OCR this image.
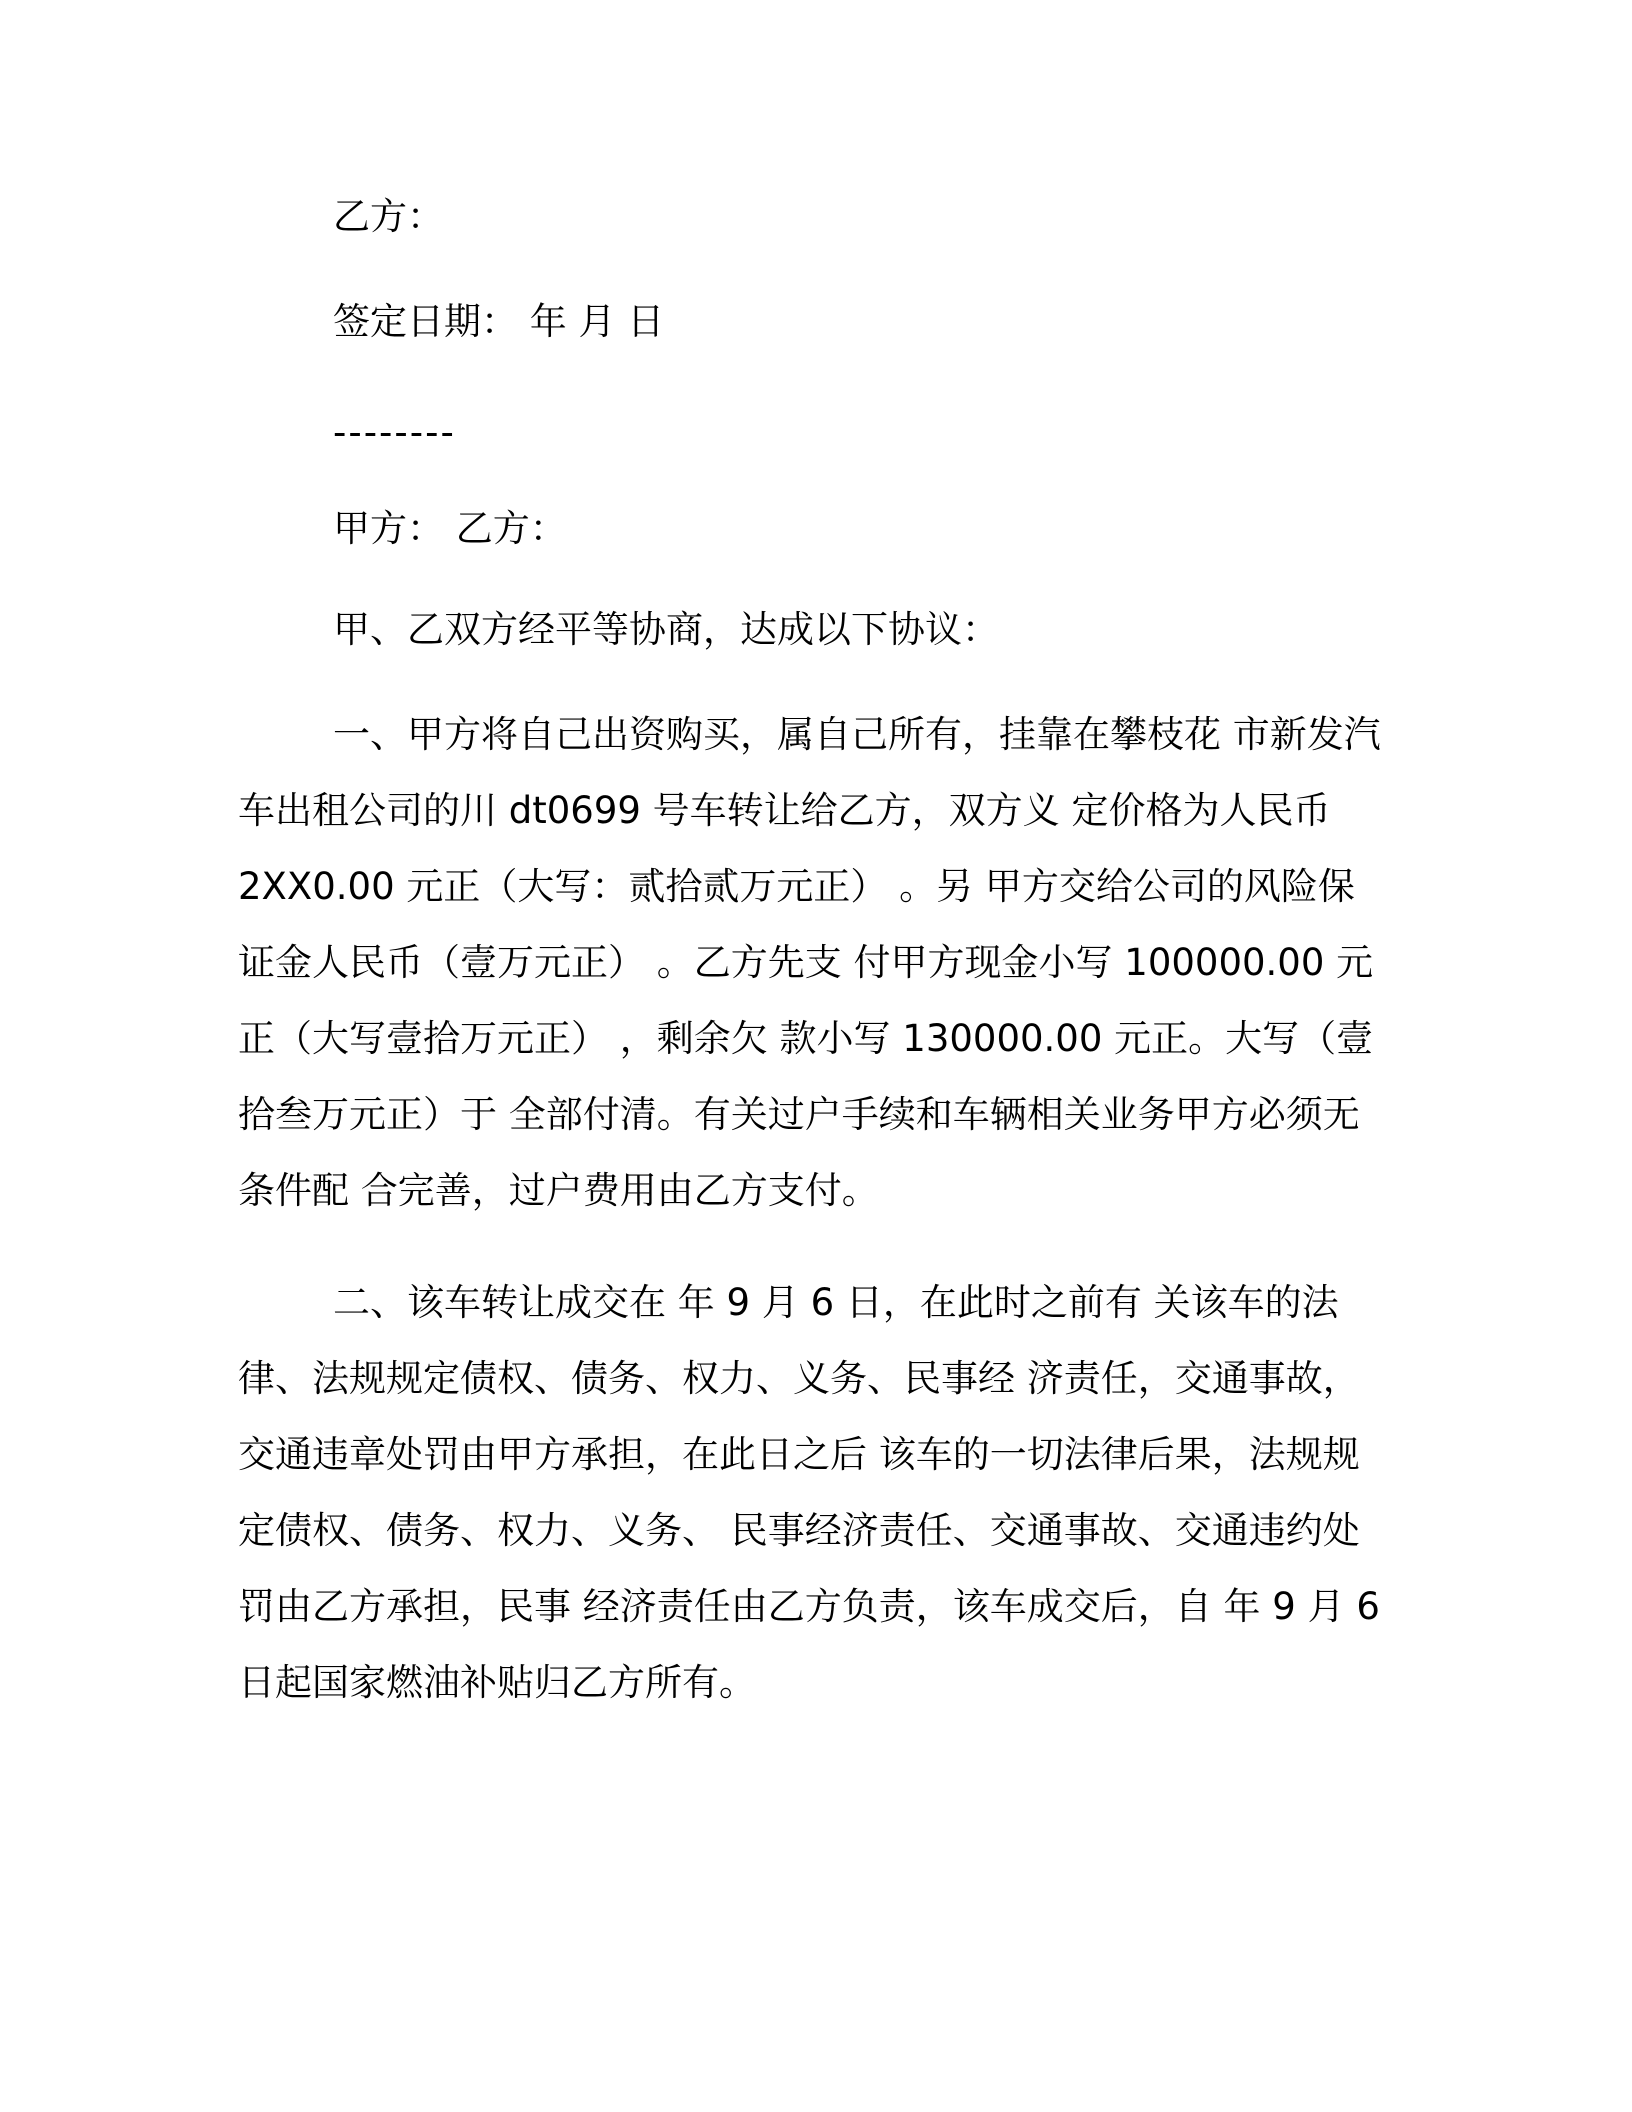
乙方：
签定日期： 年 月 日
--------
甲方： 乙方：
甲、乙双方经平等协商，达成以下协议：

一、甲方将自己出资购买，属自己所有，挂靠在攀枝花 市新发汽车出租公司的川 dt0699 号车转让给乙方，双方义 定价格为人民币 2XX0.00 元正（大写：贰拾贰万元正） 。另 甲方交给公司的风险保证金人民币（壹万元正） 。乙方先支 付甲方现金小写 100000.00 元正（大写壹拾万元正） ，剩余欠 款小写 130000.00 元正。大写（壹拾叁万元正）于 全部付清。有关过户手续和车辆相关业务甲方必须无条件配 合完善，过户费用由乙方支付。

二、该车转让成交在 年 9 月 6 日，在此时之前有 关该车的法律、法规规定债权、债务、权力、义务、民事经 济责任，交通事故，交通违章处罚由甲方承担，在此日之后 该车的一切法律后果，法规规定债权、债务、权力、义务、 民事经济责任、交通事故、交通违约处罚由乙方承担，民事 经济责任由乙方负责，该车成交后，自 年 9 月 6 日起国家燃油补贴归乙方所有。
